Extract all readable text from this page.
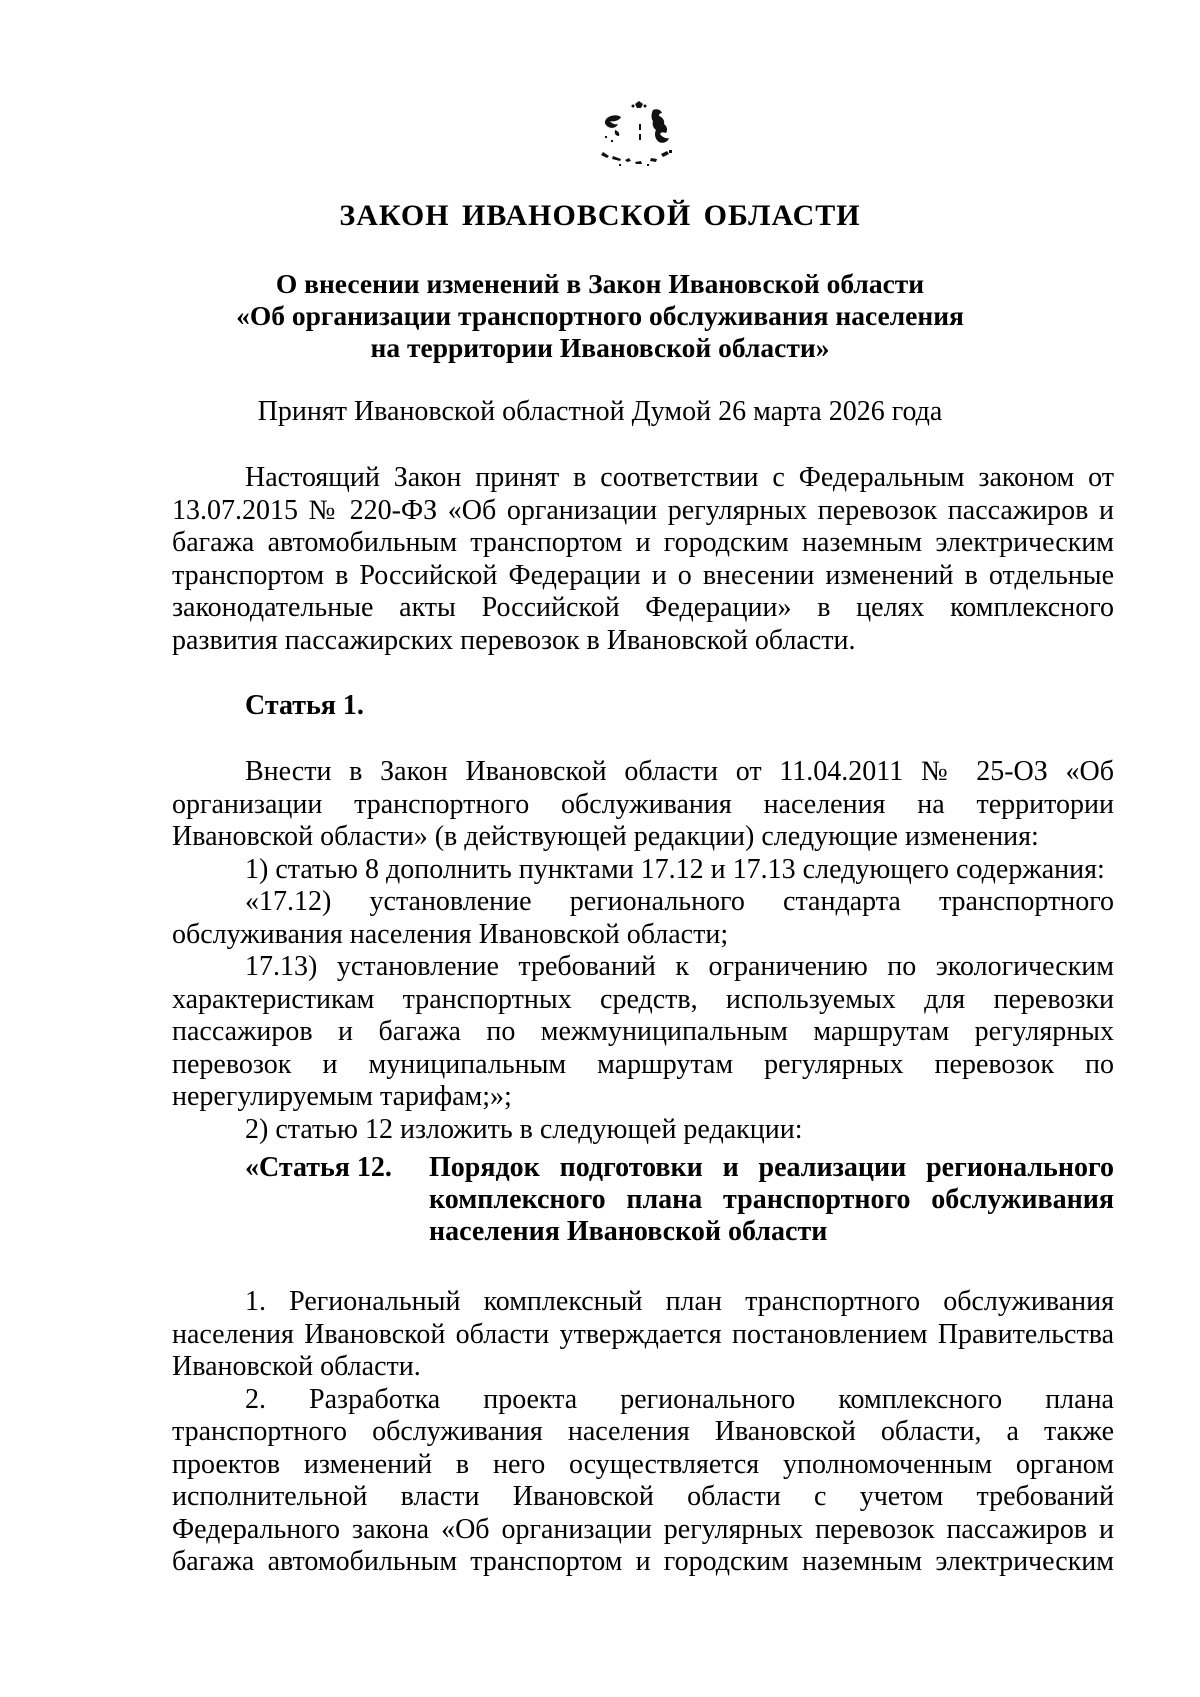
ЗАКОН ИВАНОВСКОЙ ОБЛАСТИ
О внесении изменений в Закон Ивановской области
«Об организации транспортного обслуживания населения
на территории Ивановской области»
Принят Ивановской областной Думой 26 марта 2026 года

Настоящий Закон принят в соответствии с Федеральным законом от 13.07.2015 № 220-ФЗ «Об организации регулярных перевозок пассажиров и багажа автомобильным транспортом и городским наземным электрическим транспортом в Российской Федерации и о внесении изменений в отдельные законодательные акты Российской Федерации» в целях комплексного развития пассажирских перевозок в Ивановской области.

Статья 1.

Внести в Закон Ивановской области от 11.04.2011 № 25-ОЗ «Об организации транспортного обслуживания населения на территории Ивановской области» (в действующей редакции) следующие изменения:

1) статью 8 дополнить пунктами 17.12 и 17.13 следующего содержания:

«17.12) установление регионального стандарта транспортного обслуживания населения Ивановской области;

17.13) установление требований к ограничению по экологическим характеристикам транспортных средств, используемых для перевозки пассажиров и багажа по межмуниципальным маршрутам регулярных перевозок и муниципальным маршрутам регулярных перевозок по нерегулируемым тарифам;»;

2) статью 12 изложить в следующей редакции:

«Статья 12. Порядок подготовки и реализации регионального
комплексного плана транспортного обслуживания
населения Ивановской области

1. Региональный комплексный план транспортного обслуживания населения Ивановской области утверждается постановлением Правительства Ивановской области.

2. Разработка проекта регионального комплексного плана транспортного обслуживания населения Ивановской области, а также проектов изменений в него осуществляется уполномоченным органом исполнительной власти Ивановской области с учетом требований Федерального закона «Об организации регулярных перевозок пассажиров и багажа автомобильным транспортом и городским наземным электрическим
